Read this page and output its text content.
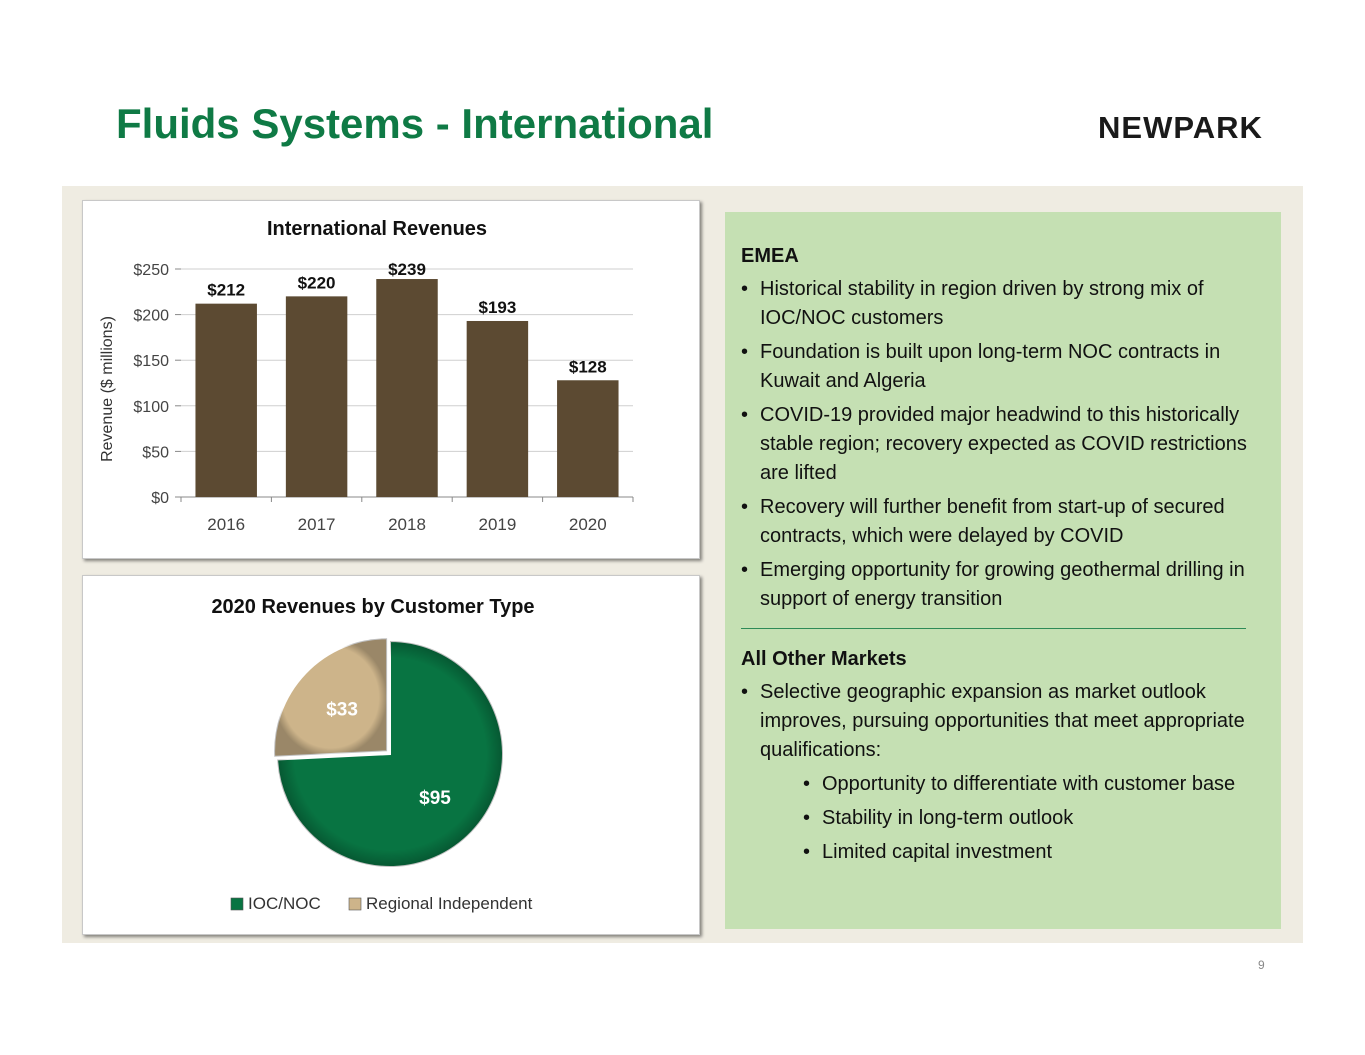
Fluids Systems - International	NEWPARK
International Revenues
Revenue ($ millions)
$0
$50
$100
$150
$200
$250
$212	$220
$239
$193
$128
2016	2017	2018	2019	2020
2020 Revenues by Customer Type
$95
$33
IOC/NOC	Regional Independent
EMEA
• Historical stability in region driven by strong mix of IOC/NOC customers
• Foundation is built upon long-term NOC contracts in Kuwait and Algeria
• COVID-19 provided major headwind to this historically stable region; recovery expected as COVID restrictions are lifted
• Recovery will further benefit from start-up of secured contracts, which were delayed by COVID
• Emerging opportunity for growing geothermal drilling in support of energy transition
All Other Markets
• Selective geographic expansion as market outlook improves, pursuing opportunities that meet appropriate qualifications:
• Opportunity to differentiate with customer base
• Stability in long-term outlook
• Limited capital investment
9
